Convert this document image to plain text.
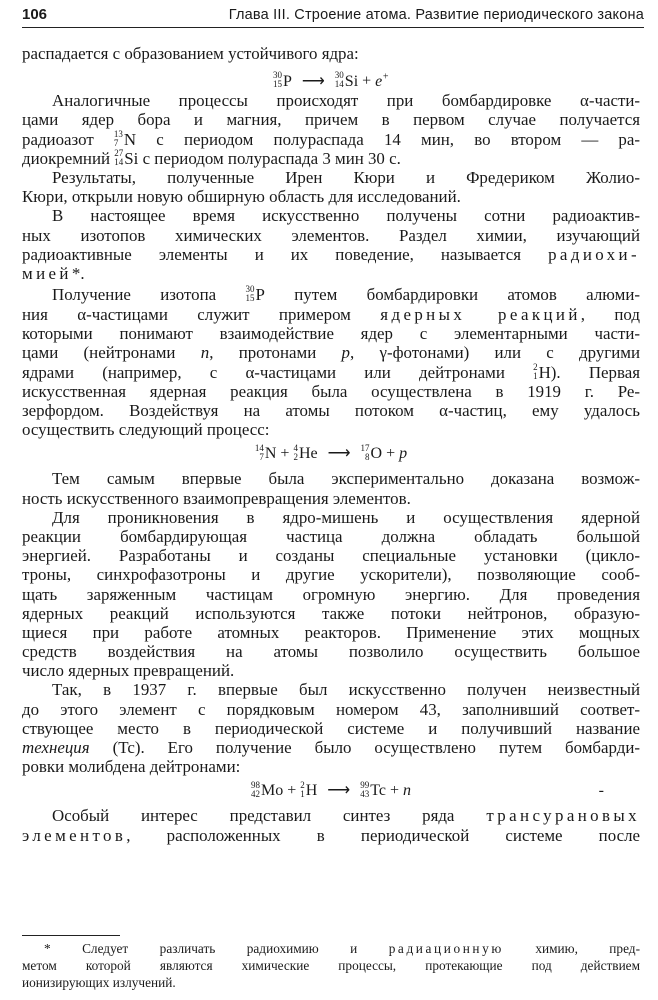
106	Глава III. Строение атома. Развитие периодического закона
распадается с образованием устойчивого ядра:
30
15 P ⟶ 30
14 Si + e+
Аналогичные процессы происходят при бомбардировке α-части-
цами ядер бора и магния, причем в первом случае получается
радиоазот 13
7 N с периодом полураспада 14 мин, во втором — ра-
диокремний 27
14 Si с периодом полураспада 3 мин 30 с.
Результаты, полученные Ирен Кюри и Фредериком Жолио-
Кюри, открыли новую обширную область для исследований.
В настоящее время искусственно получены сотни радиоактив-
ных изотопов химических элементов. Раздел химии, изучающий
радиоактивные элементы и их поведение, называется радиохи-
мией*.
Получение изотопа 30
15 P путем бомбардировки атомов алюми-
ния α-частицами служит примером ядерных реакций, под
которыми понимают взаимодействие ядер с элементарными части-
цами (нейтронами n, протонами p, γ-фотонами) или с другими
ядрами (например, с α-частицами или дейтронами 2
1 H). Первая
искусственная ядерная реакция была осуществлена в 1919 г. Ре-
зерфордом. Воздействуя на атомы потоком α-частиц, ему удалось
осуществить следующий процесс:
14
7 N + 4
2 He ⟶ 17
8 O + p
Тем самым впервые была экспериментально доказана возмож-
ность искусственного взаимопревращения элементов.
Для проникновения в ядро-мишень и осуществления ядерной
реакции бомбардирующая частица должна обладать большой
энергией. Разработаны и созданы специальные установки (цикло-
троны, синхрофазотроны и другие ускорители), позволяющие сооб-
щать заряженным частицам огромную энергию. Для проведения
ядерных реакций используются также потоки нейтронов, образую-
щиеся при работе атомных реакторов. Применение этих мощных
средств воздействия на атомы позволило осуществить большое
число ядерных превращений.
Так, в 1937 г. впервые был искусственно получен неизвестный
до этого элемент с порядковым номером 43, заполнивший соответ-
ствующее место в периодической системе и получивший название
технеция (Tc). Его получение было осуществлено путем бомбарди-
ровки молибдена дейтронами:
98
42 Mo + 2
1 H ⟶ 99
43 Tc + n	-
Особый интерес представил синтез ряда трансурановых
элементов, расположенных в периодической системе после
* Следует различать радиохимию и радиационную химию, пред-
метом которой являются химические процессы, протекающие под действием
ионизирующих излучений.
